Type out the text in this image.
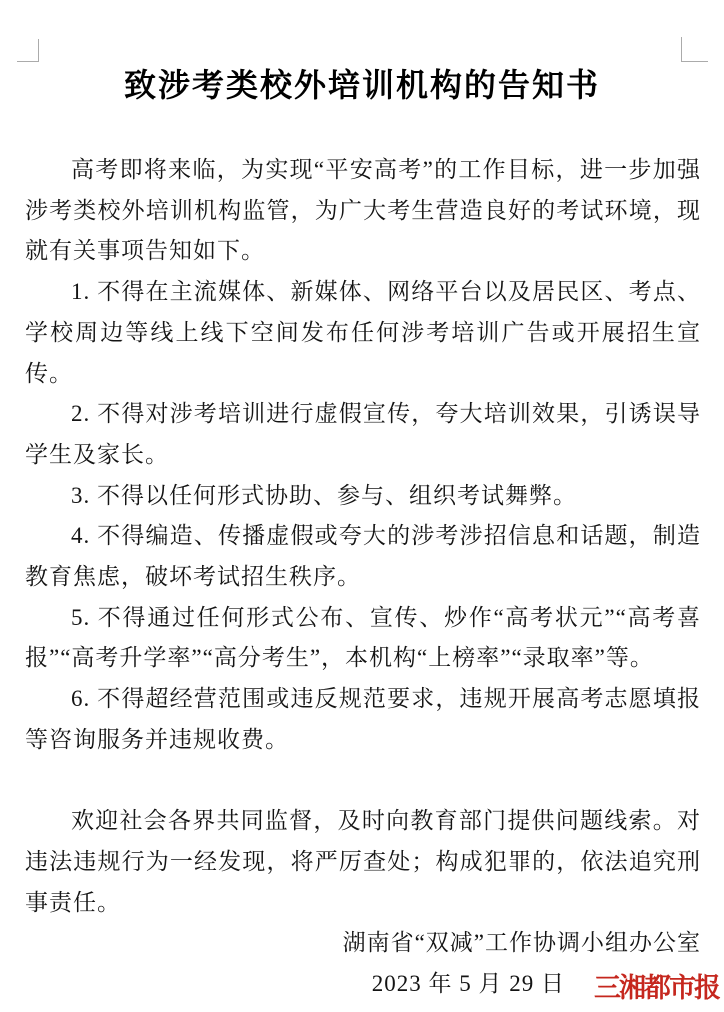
致涉考类校外培训机构的告知书

高考即将来临，为实现“平安高考”的工作目标，进一步加强涉考类校外培训机构监管，为广大考生营造良好的考试环境，现就有关事项告知如下。

1. 不得在主流媒体、新媒体、网络平台以及居民区、考点、学校周边等线上线下空间发布任何涉考培训广告或开展招生宣传。

2. 不得对涉考培训进行虚假宣传，夸大培训效果，引诱误导学生及家长。

3. 不得以任何形式协助、参与、组织考试舞弊。

4. 不得编造、传播虚假或夸大的涉考涉招信息和话题，制造教育焦虑，破坏考试招生秩序。

5. 不得通过任何形式公布、宣传、炒作“高考状元”“高考喜报”“高考升学率”“高分考生”，本机构“上榜率”“录取率”等。

6. 不得超经营范围或违反规范要求，违规开展高考志愿填报等咨询服务并违规收费。

欢迎社会各界共同监督，及时向教育部门提供问题线索。对违法违规行为一经发现，将严厉查处；构成犯罪的，依法追究刑事责任。

湖南省“双减”工作协调小组办公室

2023 年 5 月 29 日	三湘都市报
